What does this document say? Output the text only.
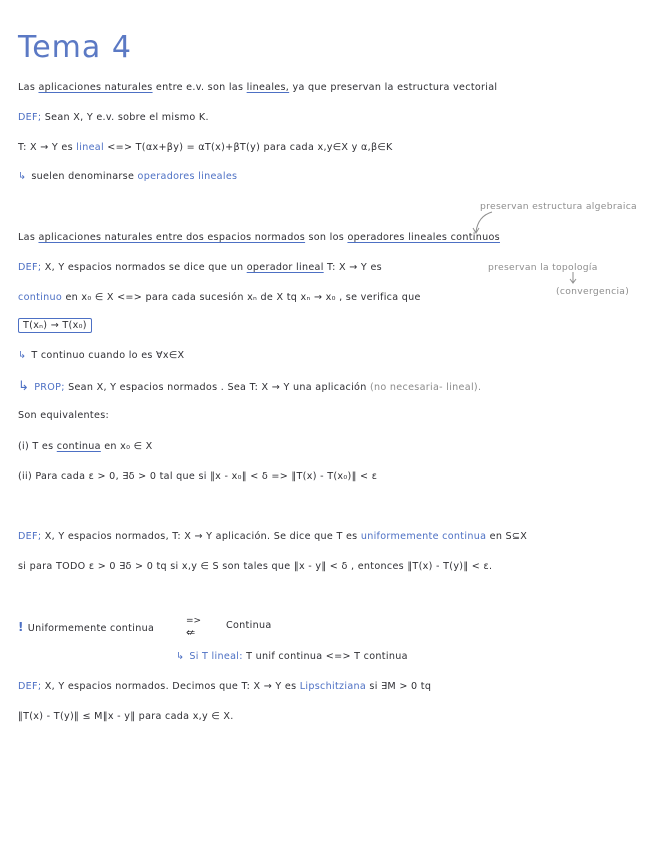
Tema 4
Las aplicaciones naturales entre e.v. son las lineales, ya que preservan la estructura vectorial
DEF; Sean X, Y e.v. sobre el mismo K.
T: X → Y es lineal <=> T(αx+βy) = αT(x)+βT(y) para cada x,y∈X y α,β∈K
↳ suelen denominarse operadores lineales
preservan estructura algebraica
Las aplicaciones naturales entre dos espacios normados son los operadores lineales continuos
DEF; X, Y espacios normados se dice que un operador lineal T: X → Y es	preservan la topología
(convergencia)
continuo en x₀ ∈ X <=> para cada sucesión xₙ de X tq xₙ → x₀ , se verifica que
T(xₙ) → T(x₀)
↳ T continuo cuando lo es ∀x∈X
↳ PROP; Sean X, Y espacios normados . Sea T: X → Y una aplicación (no necesaria- lineal).
Son equivalentes:
(i) T es continua en x₀ ∈ X
(ii) Para cada ε > 0, ∃δ > 0 tal que si ‖x - x₀‖ < δ => ‖T(x) - T(x₀)‖ < ε
DEF; X, Y espacios normados, T: X → Y aplicación. Se dice que T es uniformemente continua en S⊆X
si para TODO ε > 0 ∃δ > 0 tq si x,y ∈ S son tales que ‖x - y‖ < δ , entonces ‖T(x) - T(y)‖ < ε.
! Uniformemente continua
=>
⇍
Continua
↳ Si T lineal: T unif continua <=> T continua
DEF; X, Y espacios normados. Decimos que T: X → Y es Lipschitziana si ∃M > 0 tq
‖T(x) - T(y)‖ ≤ M‖x - y‖ para cada x,y ∈ X.
